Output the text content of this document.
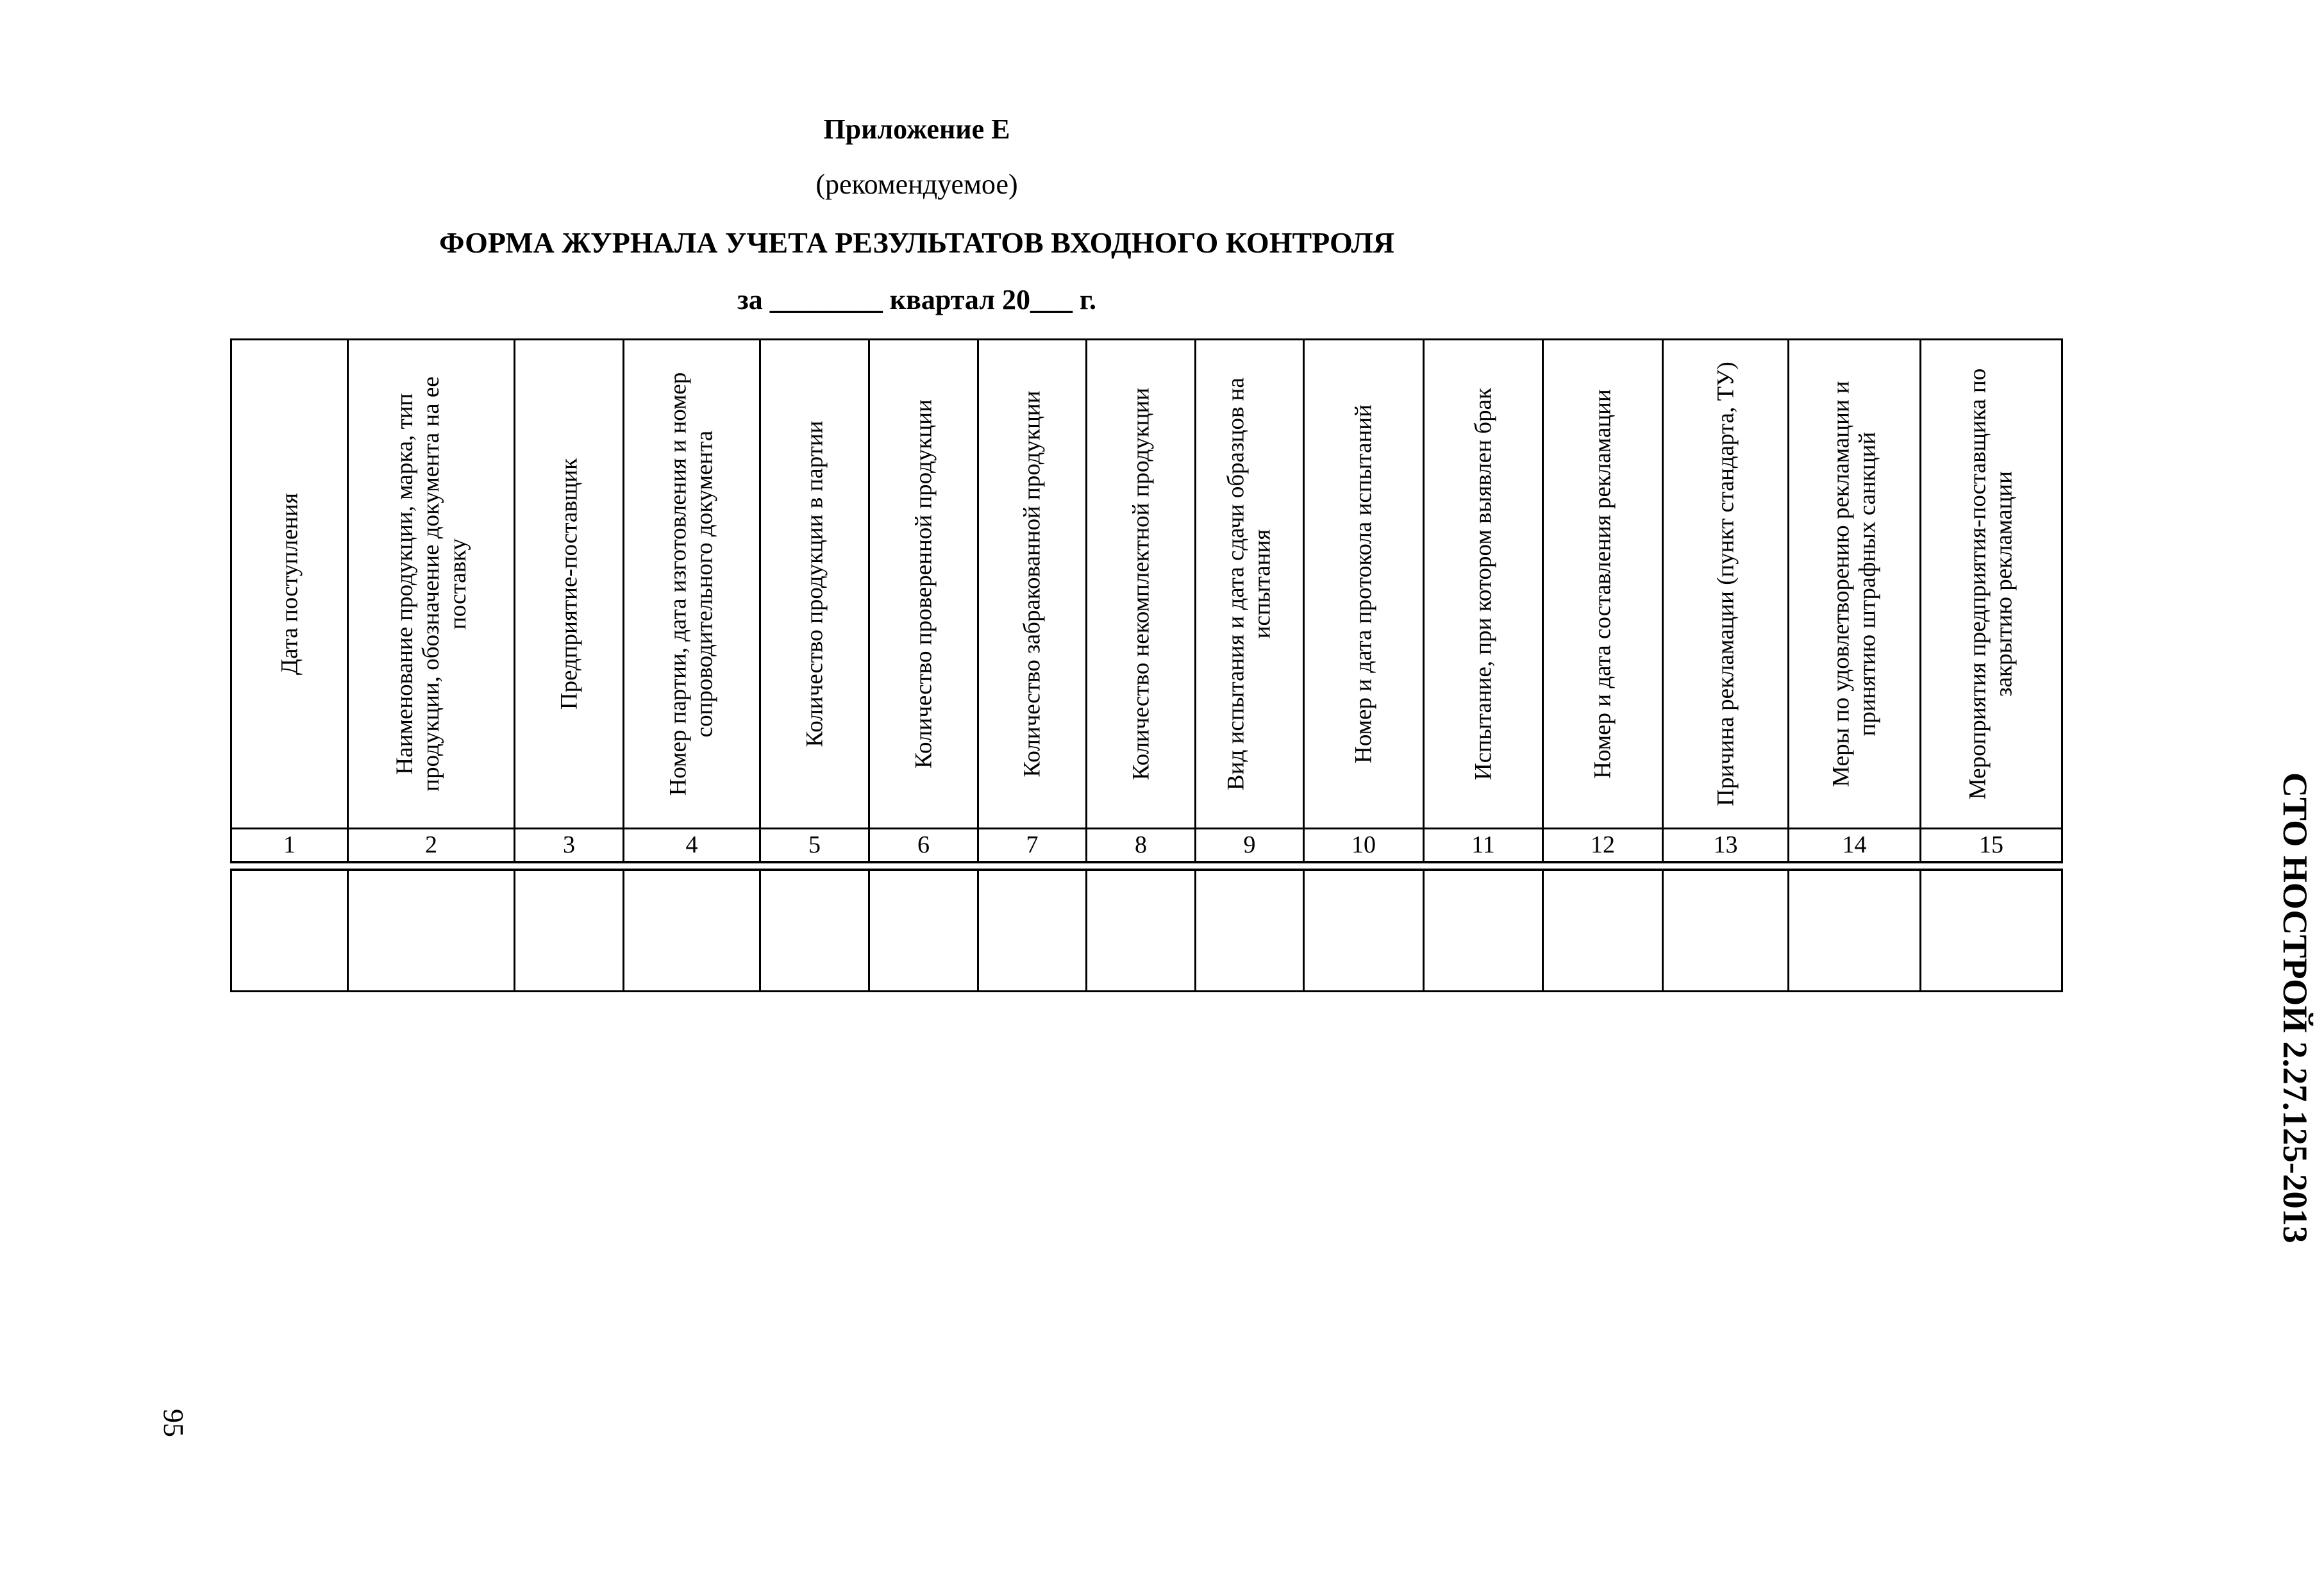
Приложение Е
(рекомендуемое)
ФОРМА ЖУРНАЛА УЧЕТА РЕЗУЛЬТАТОВ ВХОДНОГО КОНТРОЛЯ
за ________ квартал 20___ г.
Дата поступления	Наименование продукции, марка, тип продукции, обозначение документа на ее поставку	Предприятие-поставщик	Номер партии, дата изготовления и номер сопроводительного документа	Количество продукции в партии	Количество проверенной продукции	Количество забракованной продукции	Количество некомплектной продукции	Вид испытания и дата сдачи образцов на испытания	Номер и дата протокола испытаний	Испытание, при котором выявлен брак	Номер и дата составления рекламации	Причина рекламации (пункт стандарта, ТУ)	Меры по удовлетворению рекламации и принятию штрафных санкций	Мероприятия предприятия-поставщика по закрытию рекламации

1	2	3	4	5	6	7	8	9	10	11	12	13	14	15

															СТО НОСТРОЙ 2.27.125-2013
95
